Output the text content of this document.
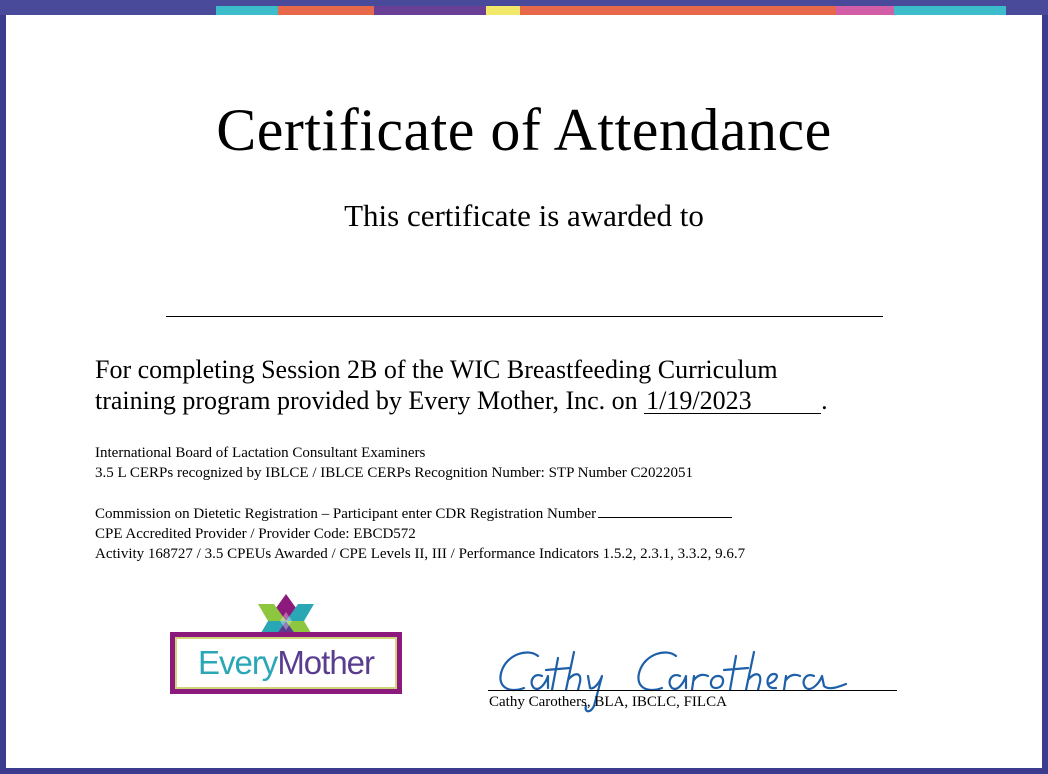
Certificate of Attendance
This certificate is awarded to
For completing Session 2B of the WIC Breastfeeding Curriculum
training program provided by Every Mother, Inc. on 1/19/2023	.
International Board of Lactation Consultant Examiners
3.5 L CERPs recognized by IBLCE / IBLCE CERPs Recognition Number: STP Number C2022051
Commission on Dietetic Registration – Participant enter CDR Registration Number
CPE Accredited Provider / Provider Code: EBCD572
Activity 168727 / 3.5 CPEUs Awarded / CPE Levels II, III / Performance Indicators 1.5.2, 2.3.1, 3.3.2, 9.6.7
EveryMother
Cathy Carothers, BLA, IBCLC, FILCA
